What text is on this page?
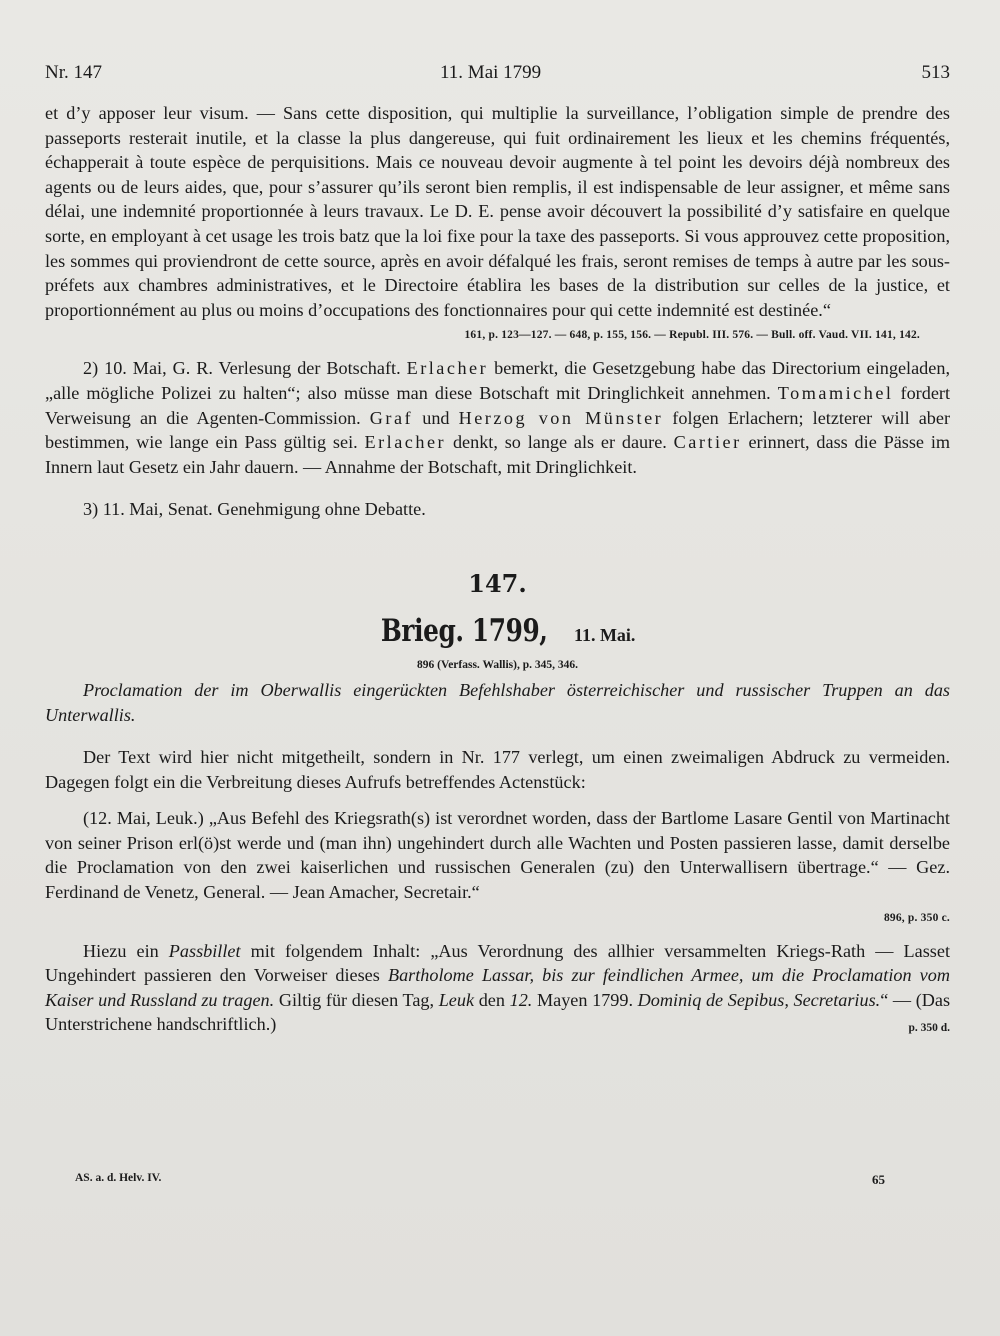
Nr. 147	11. Mai 1799	513

et d’y apposer leur visum. — Sans cette disposition, qui multiplie la surveillance, l’obligation simple de prendre des passeports resterait inutile, et la classe la plus dangereuse, qui fuit ordinairement les lieux et les chemins fréquentés, échapperait à toute espèce de perquisitions. Mais ce nouveau devoir augmente à tel point les devoirs déjà nombreux des agents ou de leurs aides, que, pour s’assurer qu’ils seront bien remplis, il est indispensable de leur assigner, et même sans délai, une indemnité proportionnée à leurs travaux. Le D. E. pense avoir découvert la possibilité d’y satisfaire en quelque sorte, en employant à cet usage les trois batz que la loi fixe pour la taxe des passeports. Si vous approuvez cette proposition, les sommes qui proviendront de cette source, après en avoir défalqué les frais, seront remises de temps à autre par les sous-préfets aux chambres administratives, et le Directoire établira les bases de la distribution sur celles de la justice, et proportionnément au plus ou moins d’occupations des fonctionnaires pour qui cette indemnité est destinée.“

161, p. 123—127. — 648, p. 155, 156. — Republ. III. 576. — Bull. off. Vaud. VII. 141, 142.

2) 10. Mai, G. R. Verlesung der Botschaft. Erlacher bemerkt, die Gesetzgebung habe das Directorium eingeladen, „alle mögliche Polizei zu halten“; also müsse man diese Botschaft mit Dringlichkeit annehmen. Tomamichel fordert Verweisung an die Agenten-Commission. Graf und Herzog von Münster folgen Erlachern; letzterer will aber bestimmen, wie lange ein Pass gültig sei. Erlacher denkt, so lange als er daure. Cartier erinnert, dass die Pässe im Innern laut Gesetz ein Jahr dauern. — Annahme der Botschaft, mit Dringlichkeit.

3) 11. Mai, Senat. Genehmigung ohne Debatte.

147.
Brieg. 1799, 11. Mai.
896 (Verfass. Wallis), p. 345, 346.

Proclamation der im Oberwallis eingerückten Befehlshaber österreichischer und russischer Truppen an das Unterwallis.

Der Text wird hier nicht mitgetheilt, sondern in Nr. 177 verlegt, um einen zweimaligen Abdruck zu vermeiden. Dagegen folgt ein die Verbreitung dieses Aufrufs betreffendes Actenstück:

(12. Mai, Leuk.) „Aus Befehl des Kriegsrath(s) ist verordnet worden, dass der Bartlome Lasare Gentil von Martinacht von seiner Prison erl(ö)st werde und (man ihn) ungehindert durch alle Wachten und Posten passieren lasse, damit derselbe die Proclamation von den zwei kaiserlichen und russischen Generalen (zu) den Unterwallisern übertrage.“ — Gez. Ferdinand de Venetz, General. — Jean Amacher, Secretair.“

896, p. 350 c.

Hiezu ein Passbillet mit folgendem Inhalt: „Aus Verordnung des allhier versammelten Kriegs-Rath — Lasset Ungehindert passieren den Vorweiser dieses Bartholome Lassar, bis zur feindlichen Armee, um die Proclamation vom Kaiser und Russland zu tragen. Giltig für diesen Tag, Leuk den 12. Mayen 1799. Dominiq de Sepibus, Secretarius.“ — (Das Unterstrichene handschriftlich.)	p. 350 d.

AS. a. d. Helv. IV.	65
